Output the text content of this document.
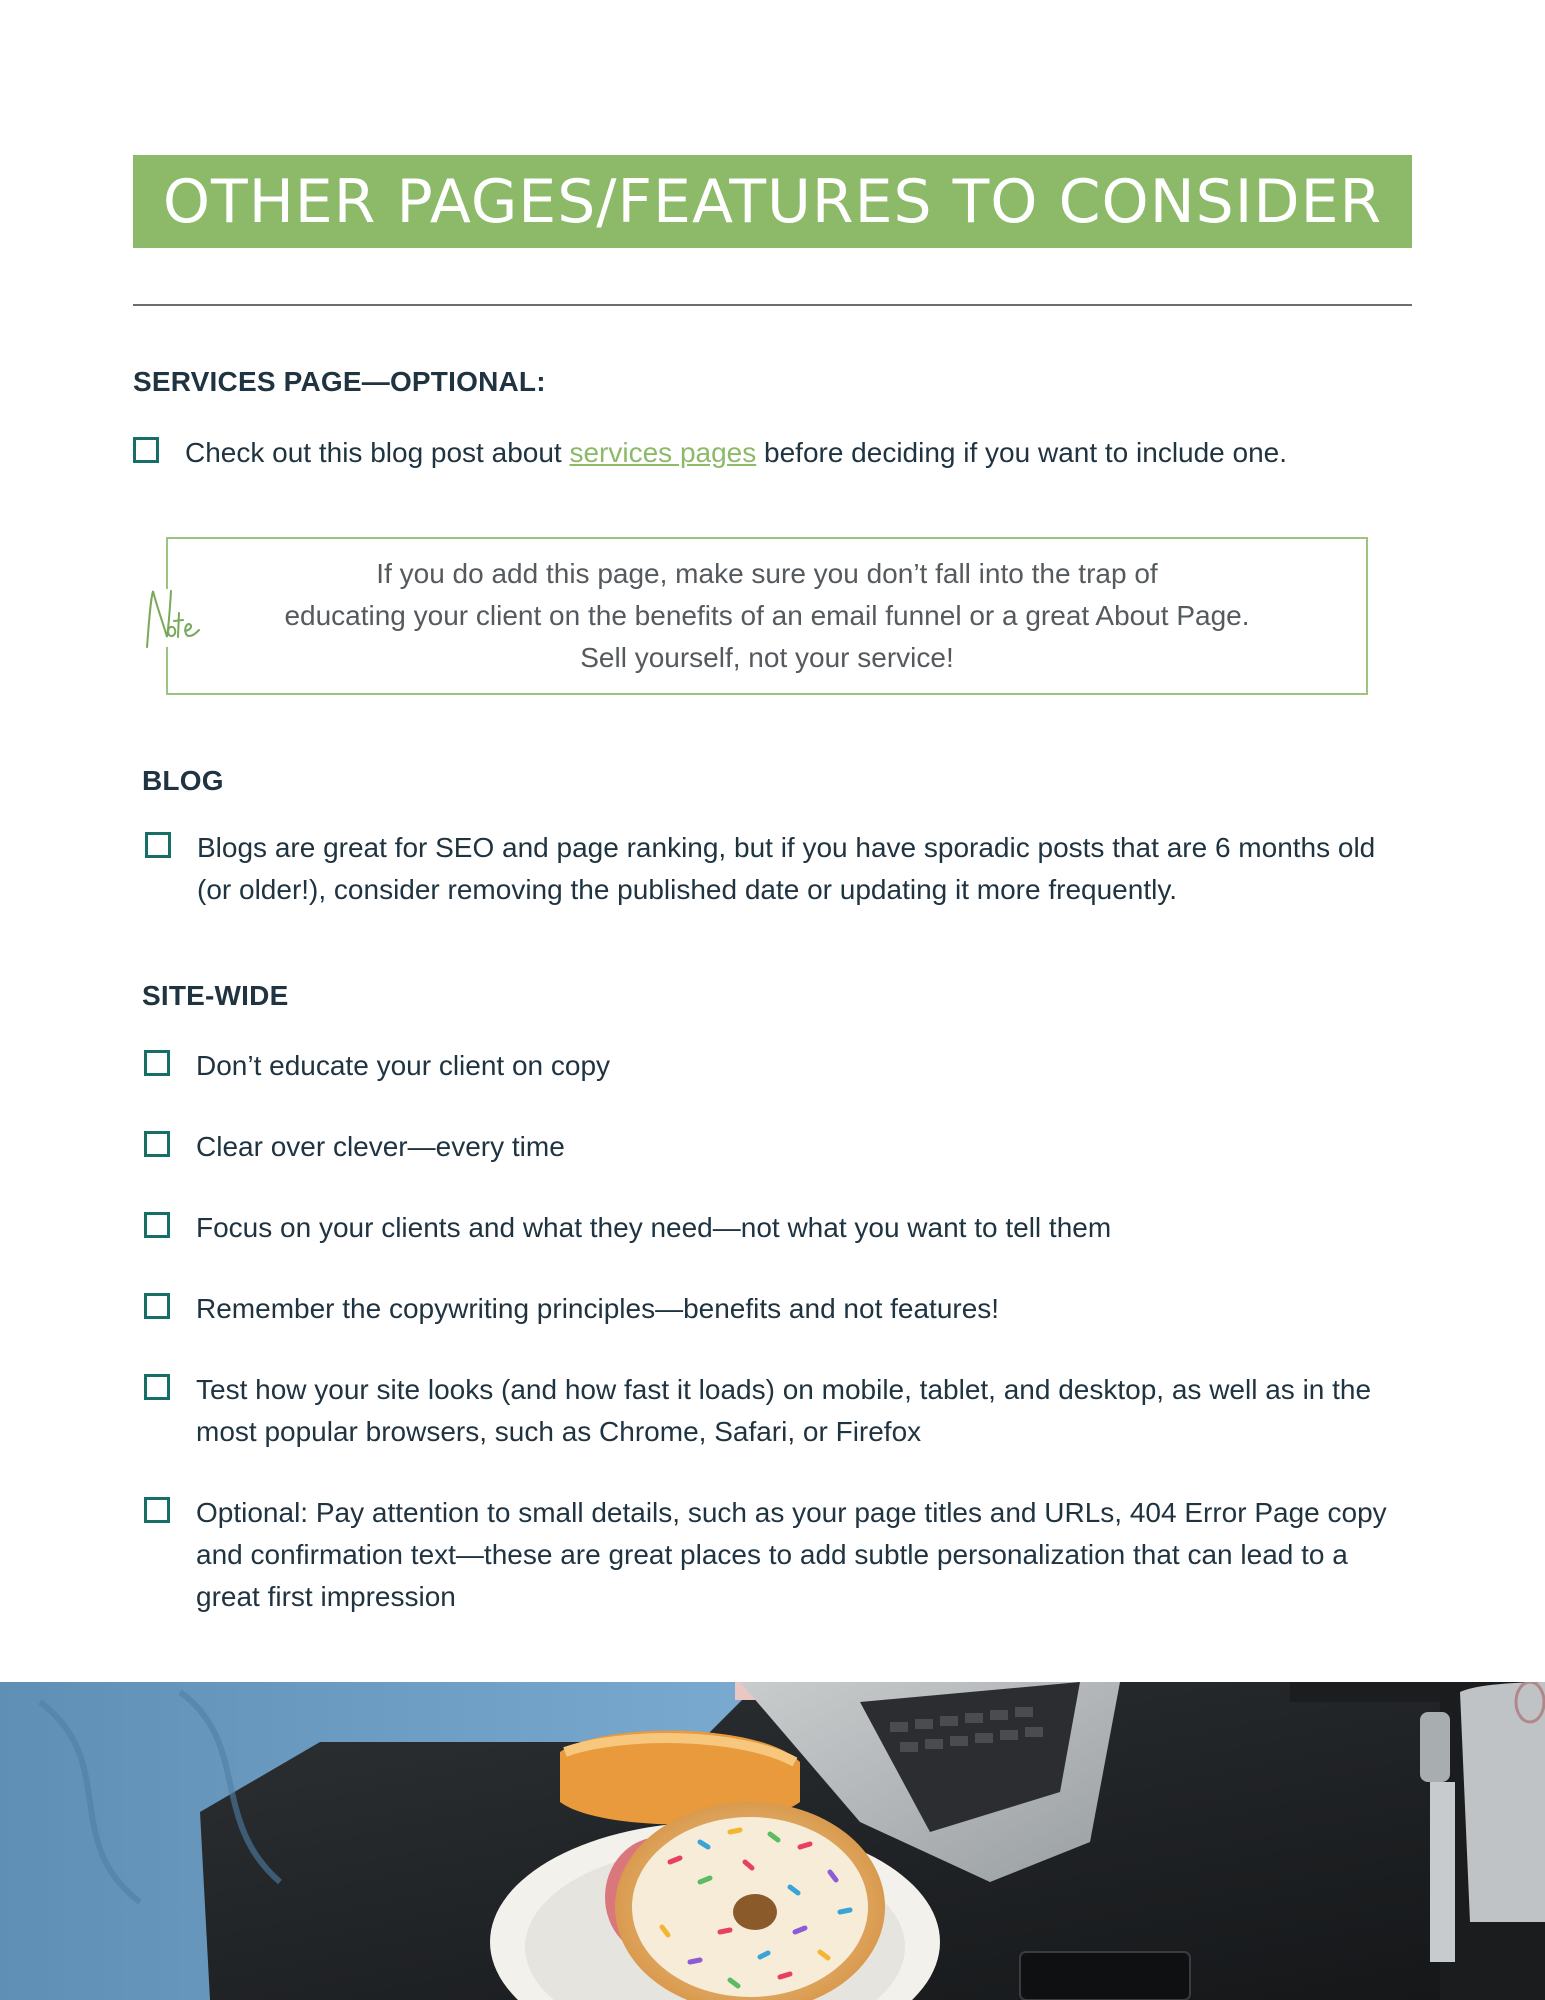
OTHER PAGES/FEATURES TO CONSIDER
SERVICES PAGE—OPTIONAL:
Check out this blog post about services pages before deciding if you want to include one.
If you do add this page, make sure you don’t fall into the trap of
educating your client on the benefits of an email funnel or a great About Page.
Sell yourself, not your service!
BLOG
Blogs are great for SEO and page ranking, but if you have sporadic posts that are 6 months old (or older!), consider removing the published date or updating it more frequently.
SITE-WIDE
Don’t educate your client on copy
Clear over clever—every time
Focus on your clients and what they need—not what you want to tell them
Remember the copywriting principles—benefits and not features!
Test how your site looks (and how fast it loads) on mobile, tablet, and desktop, as well as in the most popular browsers, such as Chrome, Safari, or Firefox
Optional: Pay attention to small details, such as your page titles and URLs, 404 Error Page copy and confirmation text—these are great places to add subtle personalization that can lead to a great first impression
